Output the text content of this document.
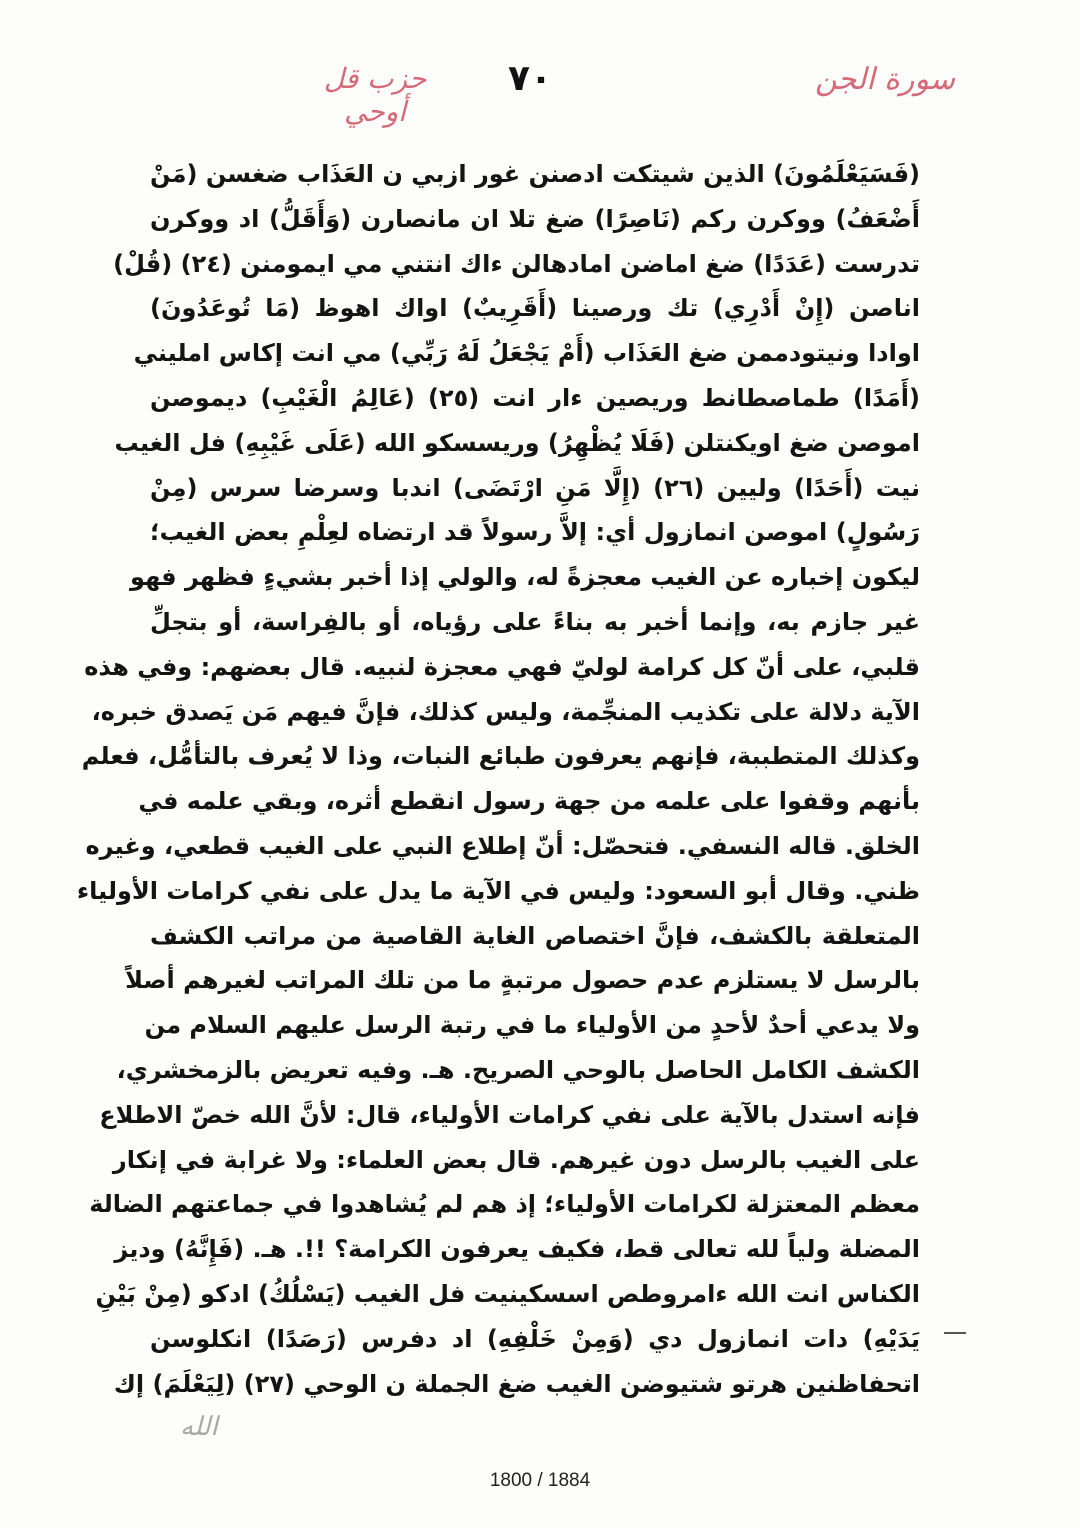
سورة الجن
٧٠
حزب قل أوحي
(فَسَيَعْلَمُونَ) الذين شيتكت ادصنن غور ازبي ن العَذَاب ضغسن (مَنْ
أَضْعَفُ) ووكرن ركم (نَاصِرًا) ضغ تلا ان مانصارن (وَأَقَلُّ) اد ووكرن
تدرست (عَدَدًا) ضغ اماضن امادهالن ءاك انتني مي ايمومنن (٢٤) (قُلْ)
اناصن (إِنْ أَدْرِي) تك ورصينا (أَقَرِيبٌ) اواك اهوظ (مَا تُوعَدُونَ)
اوادا ونيتودممن ضغ العَذَاب (أَمْ يَجْعَلُ لَهُ رَبِّي) مي انت إكاس امليني
(أَمَدًا) طماصطانط وريصين ءار انت (٢٥) (عَالِمُ الْغَيْبِ) ديموصن
اموصن ضغ اويكنتلن (فَلَا يُظْهِرُ) وريسسكو الله (عَلَى غَيْبِهِ) فل الغيب
نيت (أَحَدًا) وليين (٢٦) (إِلَّا مَنِ ارْتَضَى) اندبا وسرضا سرس (مِنْ
رَسُولٍ) اموصن انمازول أي: إلاَّ رسولاً قد ارتضاه لعِلْمِ بعض الغيب؛
ليكون إخباره عن الغيب معجزةً له، والولي إذا أخبر بشيءٍ فظهر فهو
غير جازم به، وإنما أخبر به بناءً على رؤياه، أو بالفِراسة، أو بتجلِّ
قلبي، على أنّ كل كرامة لوليّ فهي معجزة لنبيه. قال بعضهم: وفي هذه
الآية دلالة على تكذيب المنجِّمة، وليس كذلك، فإنَّ فيهم مَن يَصدق خبره،
وكذلك المتطببة، فإنهم يعرفون طبائع النبات، وذا لا يُعرف بالتأمُّل، فعلم
بأنهم وقفوا على علمه من جهة رسول انقطع أثره، وبقي علمه في
الخلق. قاله النسفي. فتحصّل: أنّ إطلاع النبي على الغيب قطعي، وغيره
ظني. وقال أبو السعود: وليس في الآية ما يدل على نفي كرامات الأولياء
المتعلقة بالكشف، فإنَّ اختصاص الغاية القاصية من مراتب الكشف
بالرسل لا يستلزم عدم حصول مرتبةٍ ما من تلك المراتب لغيرهم أصلاً
ولا يدعي أحدٌ لأحدٍ من الأولياء ما في رتبة الرسل عليهم السلام من
الكشف الكامل الحاصل بالوحي الصريح. هـ. وفيه تعريض بالزمخشري،
فإنه استدل بالآية على نفي كرامات الأولياء، قال: لأنَّ الله خصّ الاطلاع
على الغيب بالرسل دون غيرهم. قال بعض العلماء: ولا غرابة في إنكار
معظم المعتزلة لكرامات الأولياء؛ إذ هم لم يُشاهدوا في جماعتهم الضالة
المضلة ولياً لله تعالى قط، فكيف يعرفون الكرامة؟ !!. هـ. (فَإِنَّهُ) وديز
الكناس انت الله ءامروطص اسسكينيت فل الغيب (يَسْلُكُ) ادكو (مِنْ بَيْنِ
يَدَيْهِ) دات انمازول دي (وَمِنْ خَلْفِهِ) اد دفرس (رَصَدًا) انكلوسن
اتحفاظنين هرتو شتيوضن الغيب ضغ الجملة ن الوحي (٢٧) (لِيَعْلَمَ) إك
الله
1800 / 1884
